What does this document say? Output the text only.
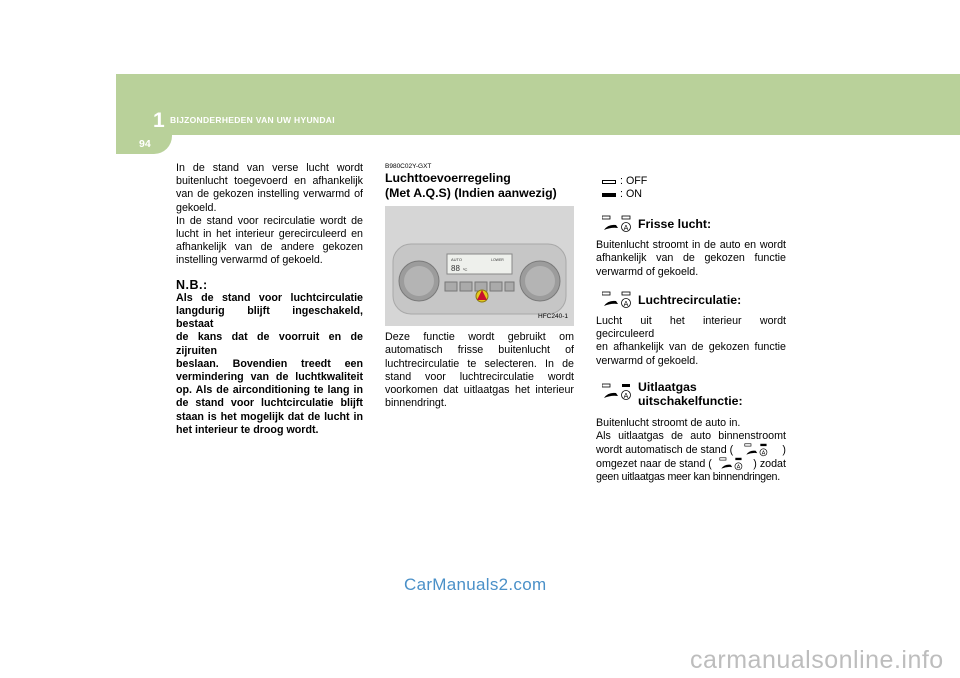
1 BIJZONDERHEDEN VAN UW HYUNDAI
94
In de stand van verse lucht wordt
buitenlucht toegevoerd en afhankelijk
van de gekozen instelling verwarmd of
gekoeld.
In de stand voor recirculatie wordt de
lucht in het interieur gerecirculeerd en
afhankelijk van de andere gekozen
instelling verwarmd of gekoeld.
N.B.:
Als de stand voor luchtcirculatie
langdurig blijft ingeschakeld, bestaat
de kans dat de voorruit en de zijruiten
beslaan. Bovendien treedt een
vermindering van de luchtkwaliteit
op. Als de airconditioning te lang in
de stand voor luchtcirculatie blijft
staan is het mogelijk dat de lucht in
het interieur te droog wordt.
B980C02Y-GXT
Luchttoevoerregeling
(Met A.Q.S) (Indien aanwezig)
AUTO
88 ºC
LOWER
HFC240-1
Deze functie wordt gebruikt om
automatisch frisse buitenlucht of
luchtrecirculatie te selecteren. In de
stand voor luchtrecirculatie wordt
voorkomen dat uitlaatgas het interieur
binnendringt.
: OFF
: ON
A Frisse lucht:
Buitenlucht stroomt in de auto en wordt
afhankelijk van de gekozen functie
verwarmd of gekoeld.
A Luchtrecirculatie:
Lucht uit het interieur wordt gecirculeerd
en afhankelijk van de gekozen functie
verwarmd of gekoeld.
A
Uitlaatgas
uitschakelfunctie:
Buitenlucht stroomt de auto in.
Als uitlaatgas de auto binnenstroomt
wordt automatisch de stand (	A )
omgezet naar de stand (	A ) zodat
geen uitlaatgas meer kan binnendringen.
CarManuals2.com
carmanualsonline.info
